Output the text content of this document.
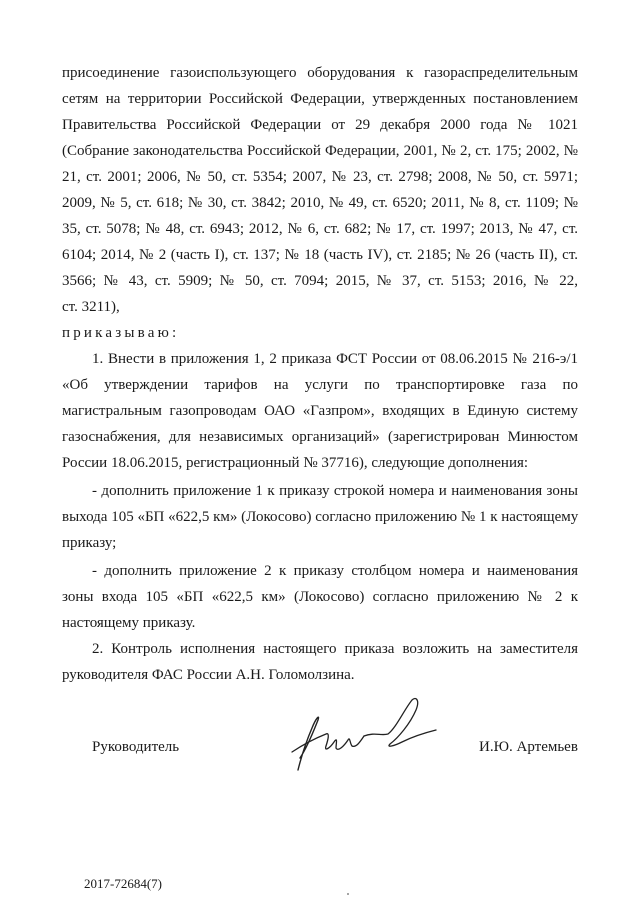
присоединение газоиспользующего оборудования к газораспределительным
сетям на территории Российской Федерации, утвержденных постановлением
Правительства Российской Федерации от 29 декабря 2000 года № 1021
(Собрание законодательства Российской Федерации, 2001, № 2, ст. 175; 2002, №
21, ст. 2001; 2006, № 50, ст. 5354; 2007, № 23, ст. 2798; 2008, № 50, ст. 5971;
2009, № 5, ст. 618; № 30, ст. 3842; 2010, № 49, ст. 6520; 2011, № 8, ст. 1109; №
35, ст. 5078; № 48, ст. 6943; 2012, № 6, ст. 682; № 17, ст. 1997; 2013, № 47, ст.
6104; 2014, № 2 (часть I), ст. 137; № 18 (часть IV), ст. 2185; № 26 (часть II), ст.
3566; № 43, ст. 5909; № 50, ст. 7094; 2015, № 37, ст. 5153; 2016, № 22,
ст. 3211),
приказываю:
1. Внести в приложения 1, 2 приказа ФСТ России от 08.06.2015 № 216-э/1
«Об утверждении тарифов на услуги по транспортировке газа по
магистральным газопроводам ОАО «Газпром», входящих в Единую систему
газоснабжения, для независимых организаций» (зарегистрирован Минюстом
России 18.06.2015, регистрационный № 37716), следующие дополнения:
- дополнить приложение 1 к приказу строкой номера и наименования зоны
выхода 105 «БП «622,5 км» (Локосово) согласно приложению № 1 к настоящему
приказу;
- дополнить приложение 2 к приказу столбцом номера и наименования
зоны входа 105 «БП «622,5 км» (Локосово) согласно приложению № 2 к
настоящему приказу.
2. Контроль исполнения настоящего приказа возложить на заместителя
руководителя ФАС России А.Н. Голомолзина.
Руководитель	И.Ю. Артемьев
2017-72684(7)
